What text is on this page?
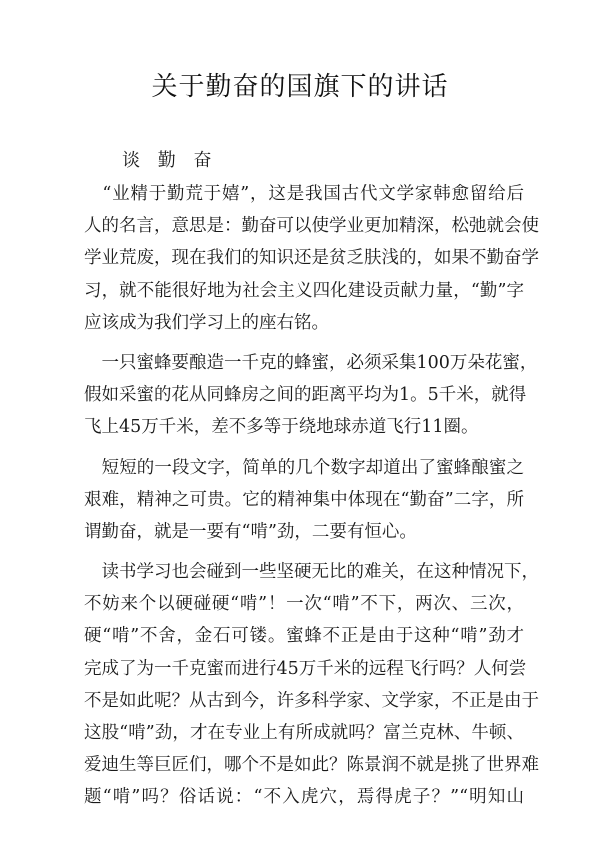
关于勤奋的国旗下的讲话
谈 勤 奋
　“业精于勤荒于嬉”，这是我国古代文学家韩愈留给后
人的名言，意思是：勤奋可以使学业更加精深，松弛就会使
学业荒废，现在我们的知识还是贫乏肤浅的，如果不勤奋学
习，就不能很好地为社会主义四化建设贡献力量，“勤”字
应该成为我们学习上的座右铭。
　一只蜜蜂要酿造一千克的蜂蜜，必须采集100万朵花蜜，
假如采蜜的花从同蜂房之间的距离平均为1。5千米，就得
飞上45万千米，差不多等于绕地球赤道飞行11圈。
　短短的一段文字，简单的几个数字却道出了蜜蜂酿蜜之
艰难，精神之可贵。它的精神集中体现在“勤奋”二字，所
谓勤奋，就是一要有“啃”劲，二要有恒心。
　读书学习也会碰到一些坚硬无比的难关，在这种情况下，
不妨来个以硬碰硬“啃”！一次“啃”不下，两次、三次，
硬“啃”不舍，金石可镂。蜜蜂不正是由于这种“啃”劲才
完成了为一千克蜜而进行45万千米的远程飞行吗？人何尝
不是如此呢？从古到今，许多科学家、文学家，不正是由于
这股“啃”劲，才在专业上有所成就吗？富兰克林、牛顿、
爱迪生等巨匠们，哪个不是如此？陈景润不就是挑了世界难
题“啃”吗？俗话说：“不入虎穴，焉得虎子？”“明知山
